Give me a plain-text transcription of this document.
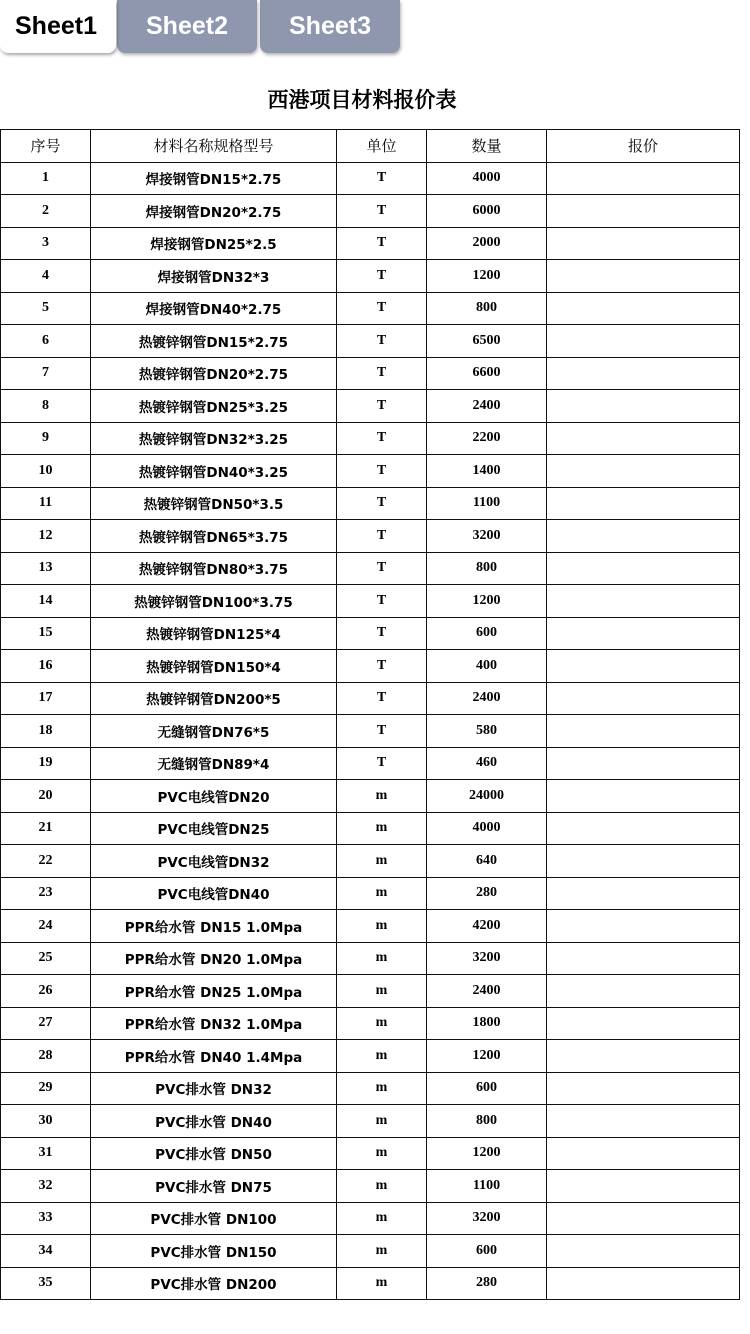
Sheet3
Sheet2
Sheet1
西港项目材料报价表
序号	材料名称规格型号	单位	数量	报价
1	焊接钢管DN15*2.75	T	4000	
2	焊接钢管DN20*2.75	T	6000	
3	焊接钢管DN25*2.5	T	2000	
4	焊接钢管DN32*3	T	1200	
5	焊接钢管DN40*2.75	T	800	
6	热镀锌钢管DN15*2.75	T	6500	
7	热镀锌钢管DN20*2.75	T	6600	
8	热镀锌钢管DN25*3.25	T	2400	
9	热镀锌钢管DN32*3.25	T	2200	
10	热镀锌钢管DN40*3.25	T	1400	
11	热镀锌钢管DN50*3.5	T	1100	
12	热镀锌钢管DN65*3.75	T	3200	
13	热镀锌钢管DN80*3.75	T	800	
14	热镀锌钢管DN100*3.75	T	1200	
15	热镀锌钢管DN125*4	T	600	
16	热镀锌钢管DN150*4	T	400	
17	热镀锌钢管DN200*5	T	2400	
18	无缝钢管DN76*5	T	580	
19	无缝钢管DN89*4	T	460	
20	PVC电线管DN20	m	24000	
21	PVC电线管DN25	m	4000	
22	PVC电线管DN32	m	640	
23	PVC电线管DN40	m	280	
24	PPR给水管 DN15 1.0Mpa	m	4200	
25	PPR给水管 DN20 1.0Mpa	m	3200	
26	PPR给水管 DN25 1.0Mpa	m	2400	
27	PPR给水管 DN32 1.0Mpa	m	1800	
28	PPR给水管 DN40 1.4Mpa	m	1200	
29	PVC排水管 DN32	m	600	
30	PVC排水管 DN40	m	800	
31	PVC排水管 DN50	m	1200	
32	PVC排水管 DN75	m	1100	
33	PVC排水管 DN100	m	3200	
34	PVC排水管 DN150	m	600	
35	PVC排水管 DN200	m	280	
